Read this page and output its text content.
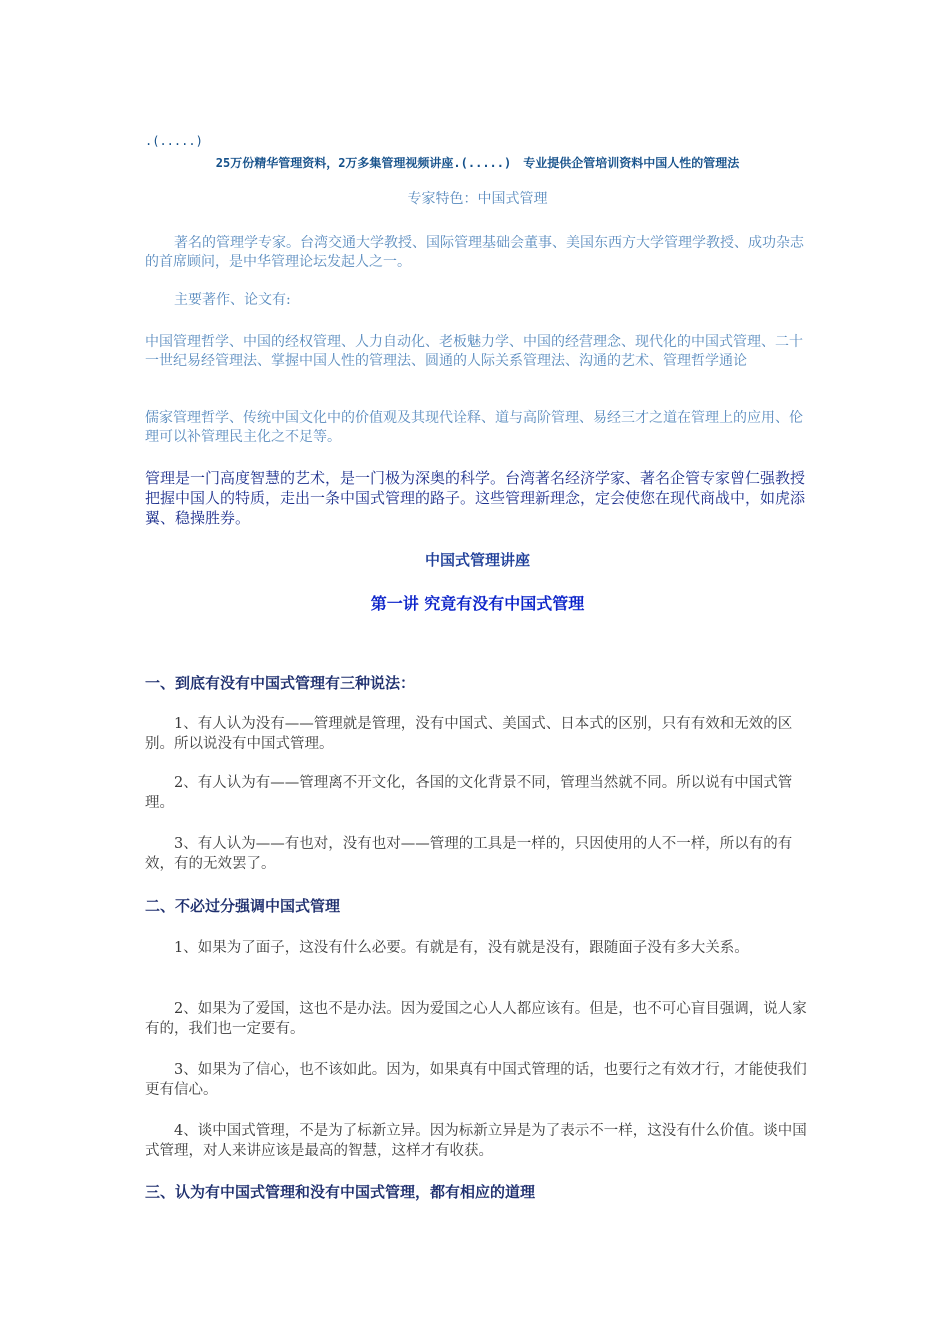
.(.....)
25万份精华管理资料，2万多集管理视频讲座.(.....)　专业提供企管培训资料中国人性的管理法

专家特色：中国式管理

著名的管理学专家。台湾交通大学教授、国际管理基础会董事、美国东西方大学管理学教授、成功杂志的首席顾问，是中华管理论坛发起人之一。

主要著作、论文有:

中国管理哲学、中国的经权管理、人力自动化、老板魅力学、中国的经营理念、现代化的中国式管理、二十一世纪易经管理法、掌握中国人性的管理法、圆通的人际关系管理法、沟通的艺术、管理哲学通论

儒家管理哲学、传统中国文化中的价值观及其现代诠释、道与高阶管理、易经三才之道在管理上的应用、伦理可以补管理民主化之不足等。

管理是一门高度智慧的艺术，是一门极为深奥的科学。台湾著名经济学家、著名企管专家曾仁强教授把握中国人的特质，走出一条中国式管理的路子。这些管理新理念，定会使您在现代商战中，如虎添翼、稳操胜券。

中国式管理讲座

第一讲 究竟有没有中国式管理

一、到底有没有中国式管理有三种说法：

1、有人认为没有——管理就是管理，没有中国式、美国式、日本式的区别，只有有效和无效的区别。所以说没有中国式管理。

2、有人认为有——管理离不开文化，各国的文化背景不同，管理当然就不同。所以说有中国式管理。

3、有人认为——有也对，没有也对——管理的工具是一样的，只因使用的人不一样，所以有的有效，有的无效罢了。

二、不必过分强调中国式管理

1、如果为了面子，这没有什么必要。有就是有，没有就是没有，跟随面子没有多大关系。

2、如果为了爱国，这也不是办法。因为爱国之心人人都应该有。但是，也不可心盲目强调，说人家有的，我们也一定要有。

3、如果为了信心，也不该如此。因为，如果真有中国式管理的话，也要行之有效才行，才能使我们更有信心。

4、谈中国式管理，不是为了标新立异。因为标新立异是为了表示不一样，这没有什么价值。谈中国式管理，对人来讲应该是最高的智慧，这样才有收获。

三、认为有中国式管理和没有中国式管理，都有相应的道理
